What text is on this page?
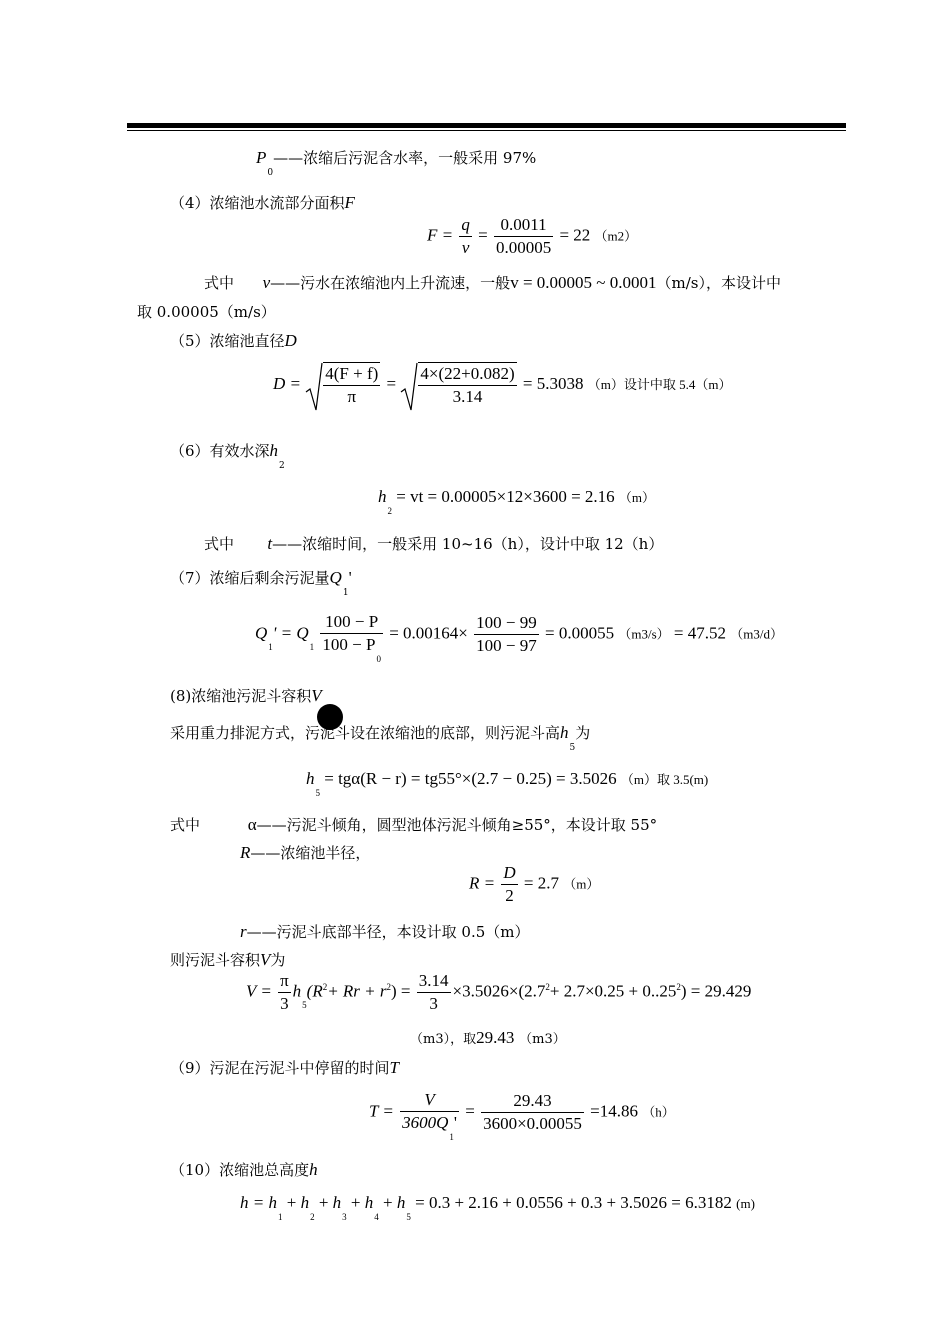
$P_0——$浓缩后污泥含水率，一般采用 97%
（4）浓缩池水流部分面积F
$F = \frac{q}{v} = \frac{0.0011}{0.00005} = 22$ （m2）
式中 v——污水在浓缩池内上升流速，一般v = 0.00005 ~ 0.0001（m/s），本设计中
取 0.00005（m/s）
（5）浓缩池直径D
$D = \frac{4(F + f)}{\pi} = \frac{4\times(22+0.082)}{3.14} = 5.3038$ （m）设计中取 5.4（m）
（6）有效水深$h_2$
$h_2$ = vt = 0.00005×12×3600 = 2.16 （m）
式中 t——浓缩时间，一般采用 10~16（h），设计中取 12（h）
（7）浓缩后剩余污泥量$Q_1'$
$Q_1' = Q_1 \frac{100 - P}{100 - P_0} = 0.00164\times \frac{100 - 99}{100 - 97} = 0.00055$ （m3/s） = 47.52 （m3/d）
(8)浓缩池污泥斗容积V
采用重力排泥方式，污泥斗设在浓缩池的底部，则污泥斗高$h_5$为
$h_5 = tg\alpha(R - r) = tg55^\circ\times(2.7 - 0.25) = 3.5026$ （m）取 3.5(m)
式中	α——污泥斗倾角，圆型池体污泥斗倾角≥55°，本设计取 55°
R——浓缩池半径，
$R = \frac{D}{2} = 2.7$ （m）
r——污泥斗底部半径，本设计取 0.5（m）
则污泥斗容积V为
$V = \frac{\pi}{3} h_5(R^2+ Rr + r^2) = \frac{3.14}{3} \times 3.5026\times(2.7^2+ 2.7\times 0.25 + 0..25^2) = 29.429$
（m3），取29.43 （m3）
（9）污泥在污泥斗中停留的时间T
$T = \frac{V}{3600Q_1'} = \frac{29.43}{3600\times 0.00055} =14.86$ （h）
（10）浓缩池总高度h
$h = h_1 + h_2 + h_3 + h_4 + h_5 = 0.3 + 2.16 + 0.0556 + 0.3 + 3.5026 = 6.3182$ (m)
